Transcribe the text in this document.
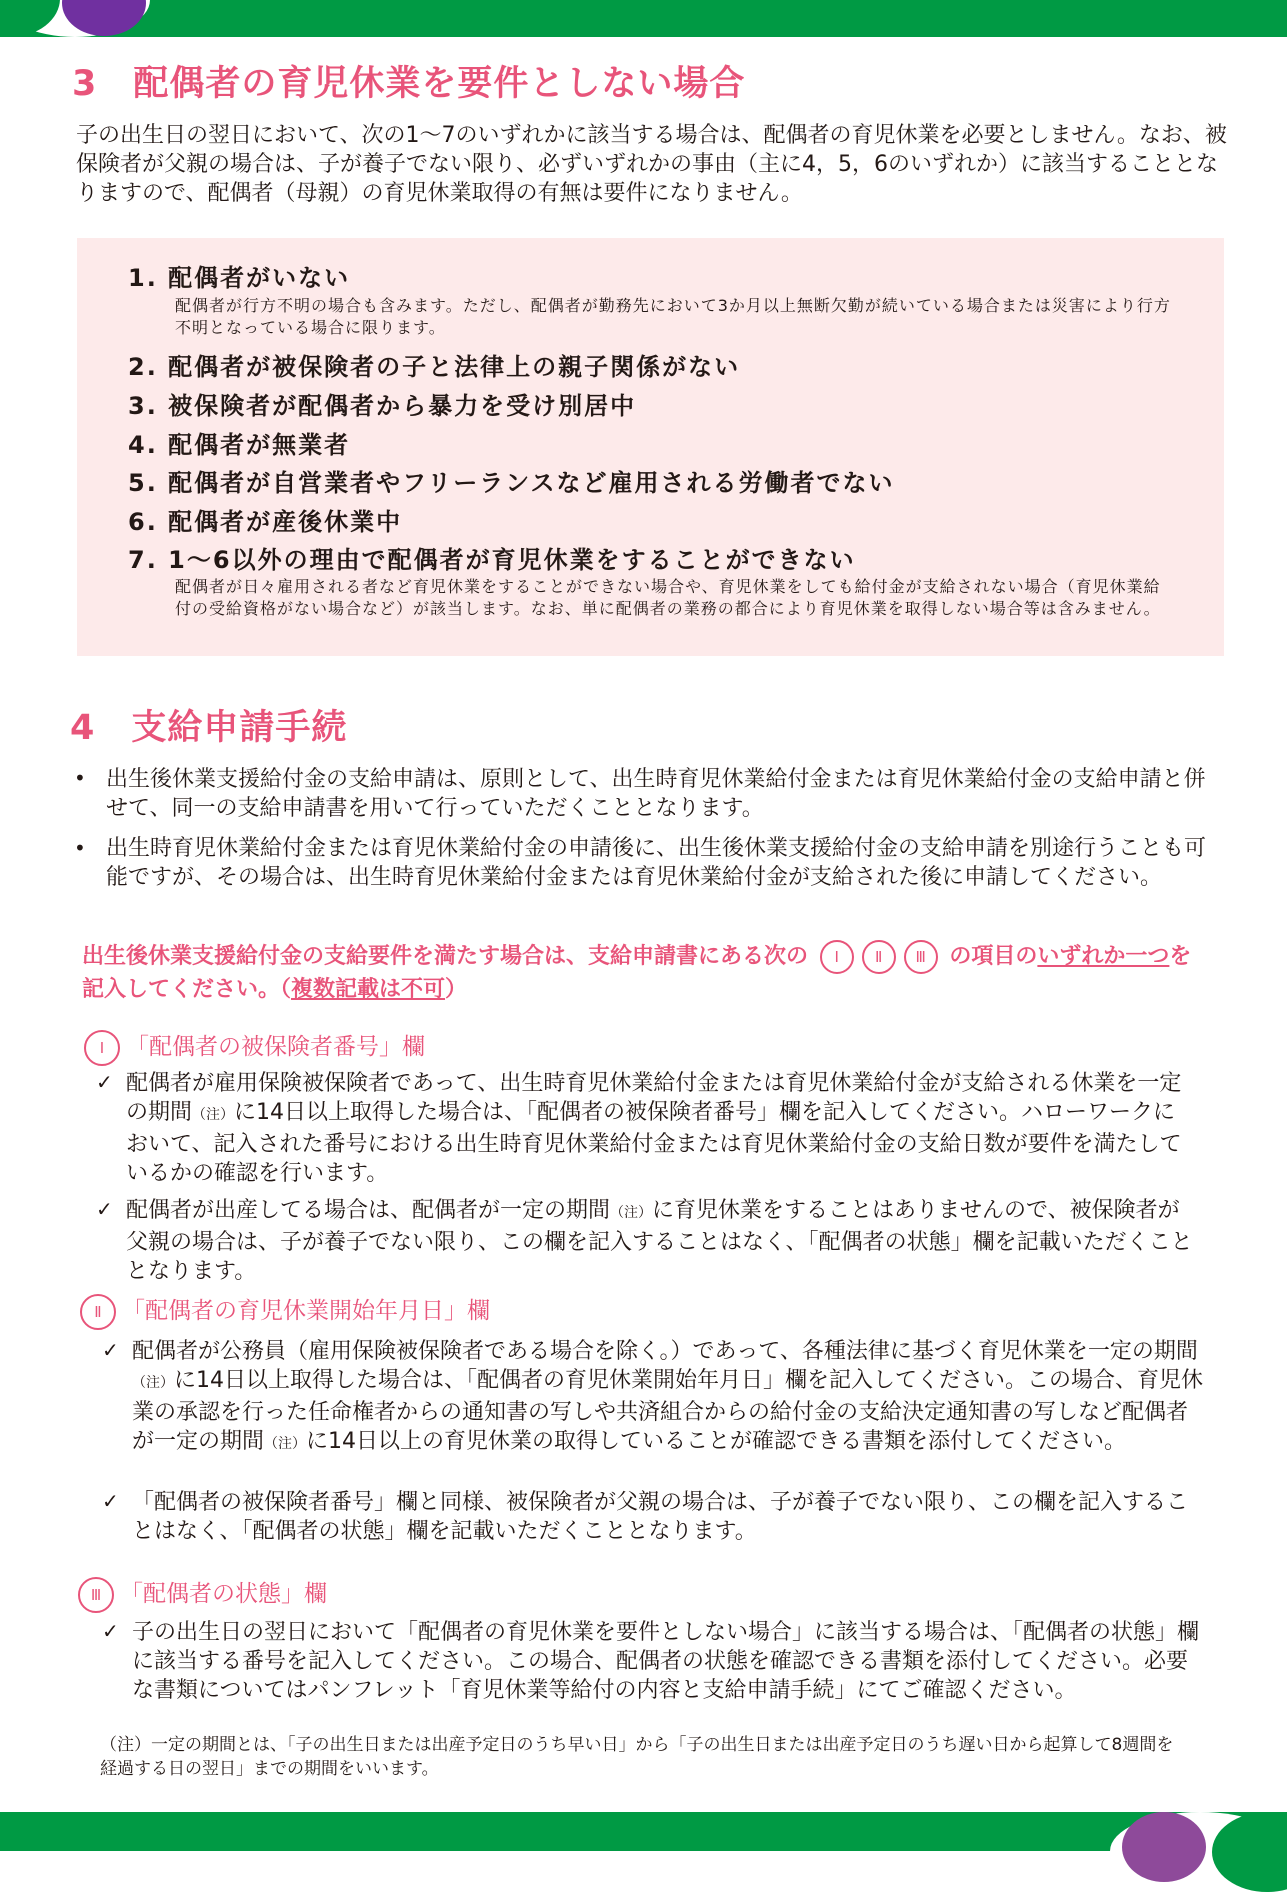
3　配偶者の育児休業を要件としない場合
子の出生日の翌日において、次の1～7のいずれかに該当する場合は、配偶者の育児休業を必要としません。なお、被保険者が父親の場合は、子が養子でない限り、必ずいずれかの事由（主に4，5，6のいずれか）に該当することとなりますので、配偶者（母親）の育児休業取得の有無は要件になりません。
1. 配偶者がいない
配偶者が行方不明の場合も含みます。ただし、配偶者が勤務先において3か月以上無断欠勤が続いている場合または災害により行方不明となっている場合に限ります。
2. 配偶者が被保険者の子と法律上の親子関係がない
3. 被保険者が配偶者から暴力を受け別居中
4. 配偶者が無業者
5. 配偶者が自営業者やフリーランスなど雇用される労働者でない
6. 配偶者が産後休業中
7. 1～6以外の理由で配偶者が育児休業をすることができない
配偶者が日々雇用される者など育児休業をすることができない場合や、育児休業をしても給付金が支給されない場合（育児休業給付の受給資格がない場合など）が該当します。なお、単に配偶者の業務の都合により育児休業を取得しない場合等は含みません。
4　支給申請手続
• 出生後休業支援給付金の支給申請は、原則として、出生時育児休業給付金または育児休業給付金の支給申請と併せて、同一の支給申請書を用いて行っていただくこととなります。
• 出生時育児休業給付金または育児休業給付金の申請後に、出生後休業支援給付金の支給申請を別途行うことも可能ですが、その場合は、出生時育児休業給付金または育児休業給付金が支給された後に申請してください。
出生後休業支援給付金の支給要件を満たす場合は、支給申請書にある次の Ⅰ Ⅱ Ⅲ の項目のいずれか一つを記入してください。（複数記載は不可）
Ⅰ 「配偶者の被保険者番号」欄
✓ 配偶者が雇用保険被保険者であって、出生時育児休業給付金または育児休業給付金が支給される休業を一定の期間（注）に14日以上取得した場合は、「配偶者の被保険者番号」欄を記入してください。ハローワークにおいて、記入された番号における出生時育児休業給付金または育児休業給付金の支給日数が要件を満たしているかの確認を行います。
✓ 配偶者が出産してる場合は、配偶者が一定の期間（注）に育児休業をすることはありませんので、被保険者が父親の場合は、子が養子でない限り、この欄を記入することはなく、「配偶者の状態」欄を記載いただくこととなります。
Ⅱ 「配偶者の育児休業開始年月日」欄
✓ 配偶者が公務員（雇用保険被保険者である場合を除く。）であって、各種法律に基づく育児休業を一定の期間（注）に14日以上取得した場合は、「配偶者の育児休業開始年月日」欄を記入してください。この場合、育児休業の承認を行った任命権者からの通知書の写しや共済組合からの給付金の支給決定通知書の写しなど配偶者が一定の期間（注）に14日以上の育児休業の取得していることが確認できる書類を添付してください。
✓ 「配偶者の被保険者番号」欄と同様、被保険者が父親の場合は、子が養子でない限り、この欄を記入することはなく、「配偶者の状態」欄を記載いただくこととなります。
Ⅲ 「配偶者の状態」欄
✓ 子の出生日の翌日において「配偶者の育児休業を要件としない場合」に該当する場合は、「配偶者の状態」欄に該当する番号を記入してください。この場合、配偶者の状態を確認できる書類を添付してください。必要な書類についてはパンフレット「育児休業等給付の内容と支給申請手続」にてご確認ください。
（注）一定の期間とは、「子の出生日または出産予定日のうち早い日」から「子の出生日または出産予定日のうち遅い日から起算して8週間を経過する日の翌日」までの期間をいいます。
